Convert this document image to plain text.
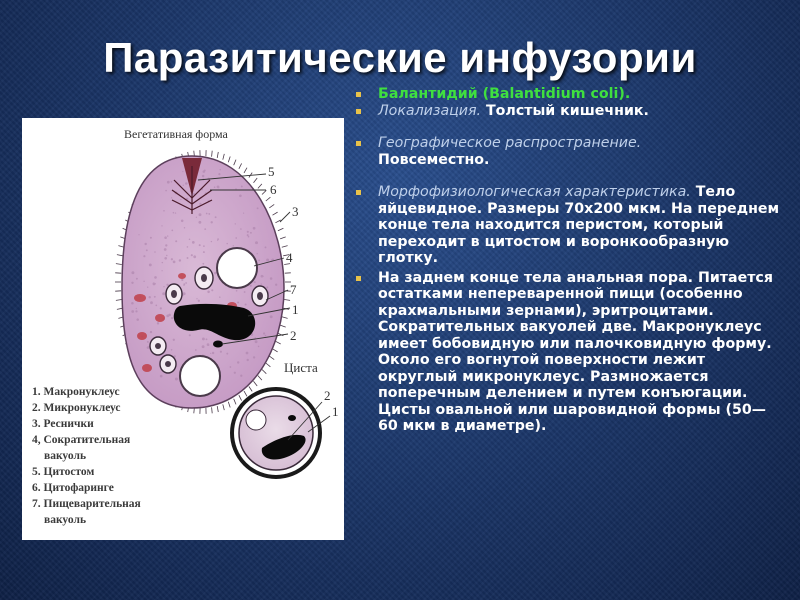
Паразитические инфузории
Вегетативная форма
5
6
3
4
7
1
2
Циста
2
1
1. Макронуклеус
2. Микронуклеус
3. Реснички
4, Сократительная
вакуоль
5. Цитостом
6. Цитофаринге
7. Пищеварительная
вакуоль
Балантидий (Balantidium coli).
Локализация. Толстый кишечник.
Географическое распространение.
Повсеместно.
Морфофизиологическая характеристика. Тело яйцевидное. Размеры 70х200 мкм. На переднем конце тела находится перистом, который переходит в цитостом и воронкообразную глотку.
На заднем конце тела анальная пора. Питается остатками непереваренной пищи (особенно крахмальными зернами), эритроцитами. Сократительных вакуолей две. Макронуклеус имеет бобовидную или палочковидную форму. Около его вогнутой поверхности лежит округлый микронуклеус. Размножается поперечным делением и путем конъюгации. Цисты овальной или шаровидной формы (50—60 мкм в диаметре).
